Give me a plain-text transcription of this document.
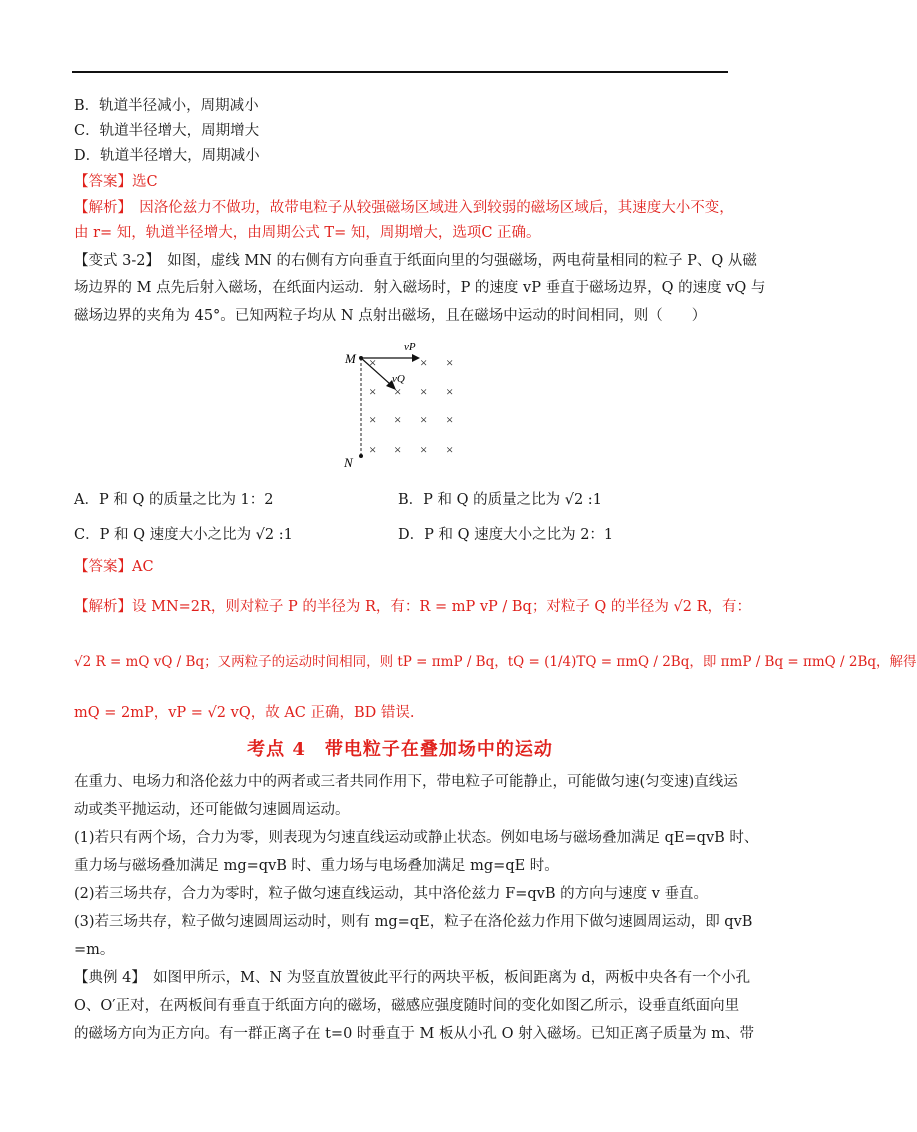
B．轨道半径减小，周期减小
C．轨道半径增大，周期增大
D．轨道半径增大，周期减小
【答案】选C
【解析】　因洛伦兹力不做功，故带电粒子从较强磁场区域进入到较弱的磁场区域后，其速度大小不变，
由 r= 知，轨道半径增大，由周期公式 T= 知，周期增大，选项C 正确。
【变式 3-2】　如图，虚线 MN 的右侧有方向垂直于纸面向里的匀强磁场，两电荷量相同的粒子 P、Q 从磁
场边界的 M 点先后射入磁场，在纸面内运动．射入磁场时，P 的速度 vP 垂直于磁场边界，Q 的速度 vQ 与
磁场边界的夹角为 45°。已知两粒子均从 N 点射出磁场，且在磁场中运动的时间相同，则（　　）
M
N
vP
vQ
×	× ×
× × × ×
× × × ×
× × × ×
A．P 和 Q 的质量之比为 1：2	B．P 和 Q 的质量之比为 √2 :1
C．P 和 Q 速度大小之比为 √2 :1	D．P 和 Q 速度大小之比为 2：1
【答案】AC
【解析】设 MN=2R，则对粒子 P 的半径为 R，有：R = mP vP / Bq；对粒子 Q 的半径为 √2 R，有：
√2 R = mQ vQ / Bq；又两粒子的运动时间相同，则 tP = πmP / Bq，tQ = (1/4)TQ = πmQ / 2Bq，即 πmP / Bq = πmQ / 2Bq，解得
mQ = 2mP，vP = √2 vQ，故 AC 正确，BD 错误.
考点 4　带电粒子在叠加场中的运动
在重力、电场力和洛伦兹力中的两者或三者共同作用下，带电粒子可能静止，可能做匀速(匀变速)直线运
动或类平抛运动，还可能做匀速圆周运动。
(1)若只有两个场，合力为零，则表现为匀速直线运动或静止状态。例如电场与磁场叠加满足 qE=qvB 时、
重力场与磁场叠加满足 mg=qvB 时、重力场与电场叠加满足 mg=qE 时。
(2)若三场共存，合力为零时，粒子做匀速直线运动，其中洛伦兹力 F=qvB 的方向与速度 v 垂直。
(3)若三场共存，粒子做匀速圆周运动时，则有 mg=qE，粒子在洛伦兹力作用下做匀速圆周运动，即 qvB
=m。
【典例 4】　如图甲所示，M、N 为竖直放置彼此平行的两块平板，板间距离为 d，两板中央各有一个小孔
O、O′正对，在两板间有垂直于纸面方向的磁场，磁感应强度随时间的变化如图乙所示，设垂直纸面向里
的磁场方向为正方向。有一群正离子在 t=0 时垂直于 M 板从小孔 O 射入磁场。已知正离子质量为 m、带
